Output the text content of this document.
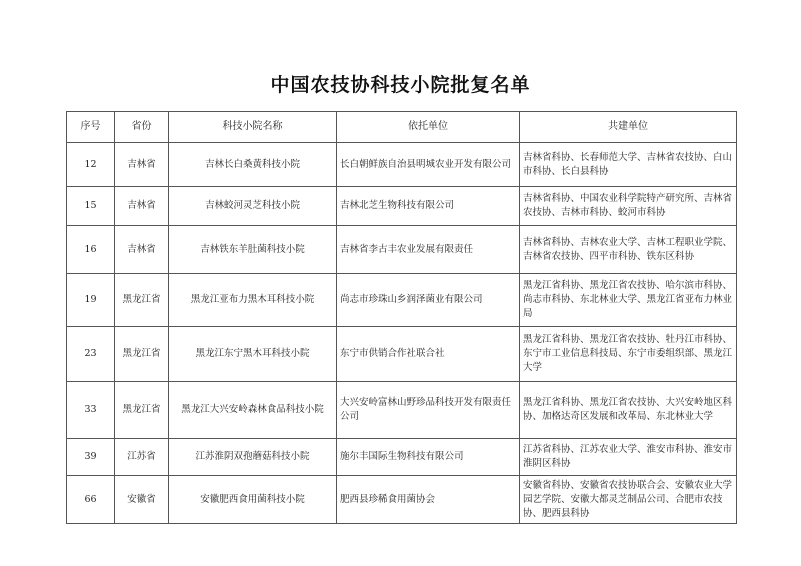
中国农技协科技小院批复名单
序号	省份	科技小院名称	依托单位	共建单位
12	吉林省	吉林长白桑黄科技小院	长白朝鲜族自治县明城农业开发有限公司	吉林省科协、长春师范大学、吉林省农技协、白山市科协、长白县科协
15	吉林省	吉林蛟河灵芝科技小院	吉林北芝生物科技有限公司	吉林省科协、中国农业科学院特产研究所、吉林省农技协、吉林市科协、蛟河市科协
16	吉林省	吉林铁东羊肚菌科技小院	吉林省李古丰农业发展有限责任	吉林省科协、吉林农业大学、吉林工程职业学院、吉林省农技协、四平市科协、铁东区科协
19	黑龙江省	黑龙江亚布力黑木耳科技小院	尚志市珍珠山乡润泽菌业有限公司	黑龙江省科协、黑龙江省农技协、哈尔滨市科协、尚志市科协、东北林业大学、黑龙江省亚布力林业局
23	黑龙江省	黑龙江东宁黑木耳科技小院	东宁市供销合作社联合社	黑龙江省科协、黑龙江省农技协、牡丹江市科协、东宁市工业信息科技局、东宁市委组织部、黑龙江大学
33	黑龙江省	黑龙江大兴安岭森林食品科技小院	大兴安岭富林山野珍品科技开发有限责任公司	黑龙江省科协、黑龙江省农技协、大兴安岭地区科协、加格达奇区发展和改革局、东北林业大学
39	江苏省	江苏淮阴双孢蘑菇科技小院	施尔丰国际生物科技有限公司	江苏省科协、江苏农业大学、淮安市科协、淮安市淮阴区科协
66	安徽省	安徽肥西食用菌科技小院	肥西县珍稀食用菌协会	安徽省科协、安徽省农技协联合会、安徽农业大学园艺学院、安徽大都灵芝制品公司、合肥市农技协、肥西县科协
